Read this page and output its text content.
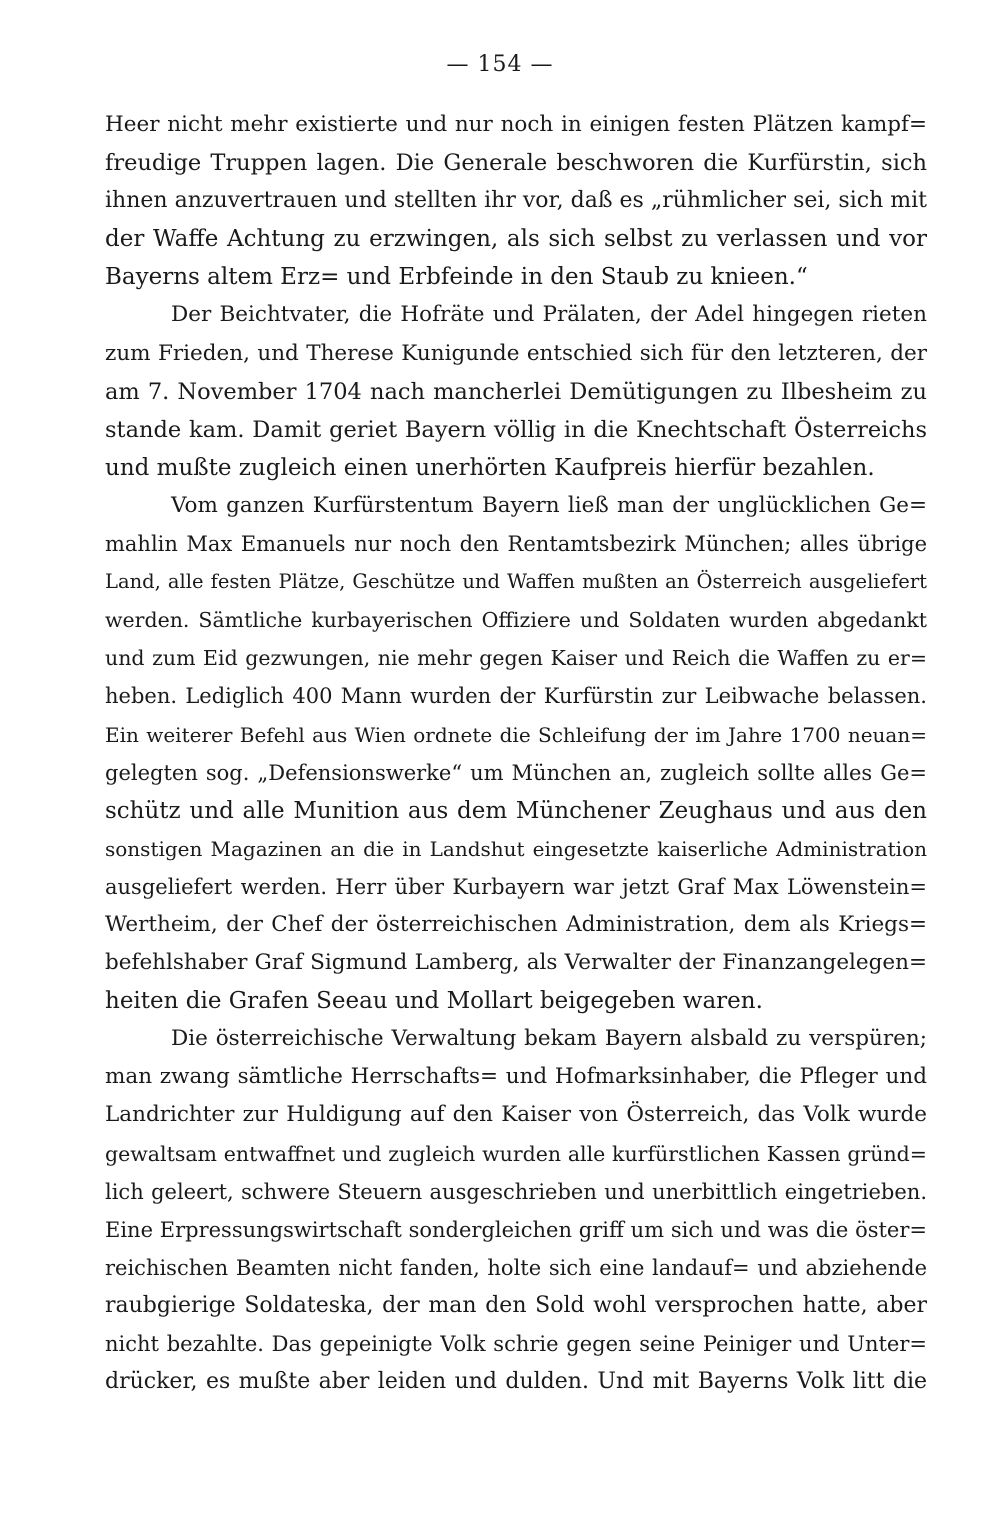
— 154 —
Heer nicht mehr existierte und nur noch in einigen festen Plätzen kampf=
freudige Truppen lagen. Die Generale beschworen die Kurfürstin, sich
ihnen anzuvertrauen und stellten ihr vor, daß es „rühmlicher sei, sich mit
der Waffe Achtung zu erzwingen, als sich selbst zu verlassen und vor
Bayerns altem Erz= und Erbfeinde in den Staub zu knieen.“
Der Beichtvater, die Hofräte und Prälaten, der Adel hingegen rieten
zum Frieden, und Therese Kunigunde entschied sich für den letzteren, der
am 7. November 1704 nach mancherlei Demütigungen zu Ilbesheim zu
stande kam. Damit geriet Bayern völlig in die Knechtschaft Österreichs
und mußte zugleich einen unerhörten Kaufpreis hierfür bezahlen.
Vom ganzen Kurfürstentum Bayern ließ man der unglücklichen Ge=
mahlin Max Emanuels nur noch den Rentamtsbezirk München; alles übrige
Land, alle festen Plätze, Geschütze und Waffen mußten an Österreich ausgeliefert
werden. Sämtliche kurbayerischen Offiziere und Soldaten wurden abgedankt
und zum Eid gezwungen, nie mehr gegen Kaiser und Reich die Waffen zu er=
heben. Lediglich 400 Mann wurden der Kurfürstin zur Leibwache belassen.
Ein weiterer Befehl aus Wien ordnete die Schleifung der im Jahre 1700 neuan=
gelegten sog. „Defensionswerke“ um München an, zugleich sollte alles Ge=
schütz und alle Munition aus dem Münchener Zeughaus und aus den
sonstigen Magazinen an die in Landshut eingesetzte kaiserliche Administration
ausgeliefert werden. Herr über Kurbayern war jetzt Graf Max Löwenstein=
Wertheim, der Chef der österreichischen Administration, dem als Kriegs=
befehlshaber Graf Sigmund Lamberg, als Verwalter der Finanzangelegen=
heiten die Grafen Seeau und Mollart beigegeben waren.
Die österreichische Verwaltung bekam Bayern alsbald zu verspüren;
man zwang sämtliche Herrschafts= und Hofmarksinhaber, die Pfleger und
Landrichter zur Huldigung auf den Kaiser von Österreich, das Volk wurde
gewaltsam entwaffnet und zugleich wurden alle kurfürstlichen Kassen gründ=
lich geleert, schwere Steuern ausgeschrieben und unerbittlich eingetrieben.
Eine Erpressungswirtschaft sondergleichen griff um sich und was die öster=
reichischen Beamten nicht fanden, holte sich eine landauf= und abziehende
raubgierige Soldateska, der man den Sold wohl versprochen hatte, aber
nicht bezahlte. Das gepeinigte Volk schrie gegen seine Peiniger und Unter=
drücker, es mußte aber leiden und dulden. Und mit Bayerns Volk litt die
